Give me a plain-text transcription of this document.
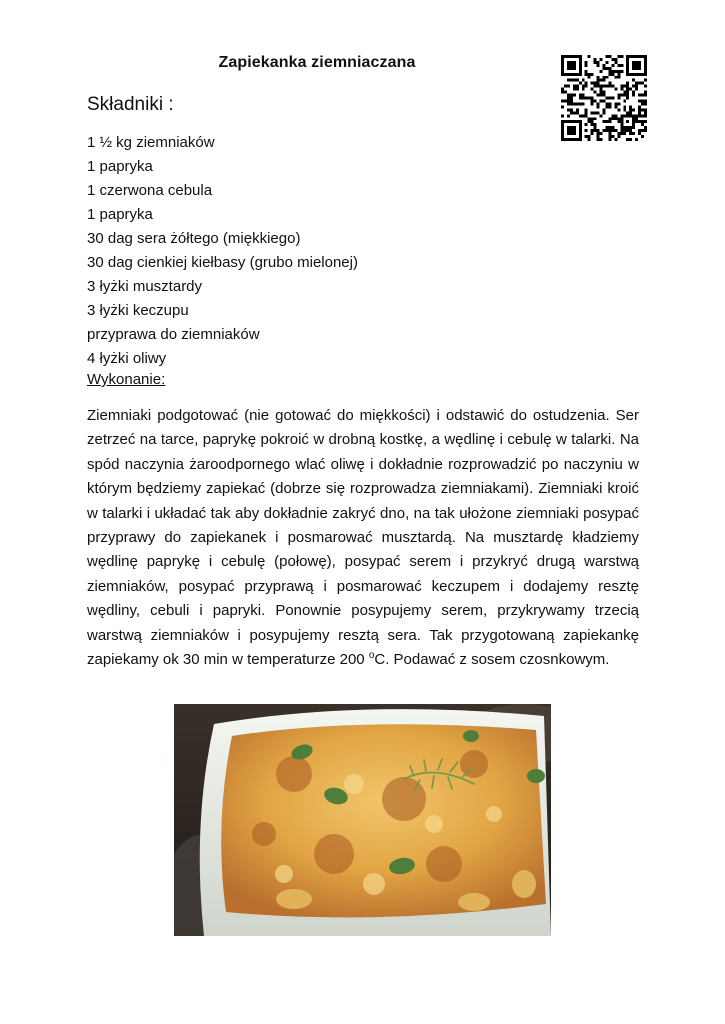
Zapiekanka ziemniaczana
Składniki :
1 ½ kg ziemniaków
1 papryka
1 czerwona cebula
1 papryka
30 dag sera żółtego (miękkiego)
30 dag cienkiej kiełbasy (grubo mielonej)
3 łyżki musztardy
3 łyżki keczupu
przyprawa do ziemniaków
4 łyżki oliwy
Wykonanie:

Ziemniaki podgotować (nie gotować do miękkości) i odstawić do ostudzenia. Ser zetrzeć na tarce, paprykę pokroić w drobną kostkę, a wędlinę i cebulę w talarki. Na spód naczynia żaroodpornego wlać oliwę i dokładnie rozprowadzić po naczyniu w którym będziemy zapiekać (dobrze się rozprowadza ziemniakami). Ziemniaki kroić w talarki i układać tak aby dokładnie zakryć dno, na tak ułożone ziemniaki posypać przyprawy do zapiekanek i posmarować musztardą. Na musztardę kładziemy wędlinę paprykę i cebulę (połowę), posypać serem i przykryć drugą warstwą ziemniaków, posypać przyprawą i posmarować keczupem i dodajemy resztę wędliny, cebuli i papryki. Ponownie posypujemy serem, przykrywamy trzecią warstwą ziemniaków i posypujemy resztą sera. Tak przygotowaną zapiekankę zapiekamy ok 30 min w temperaturze 200 $^o$C. Podawać z sosem czosnkowym.
